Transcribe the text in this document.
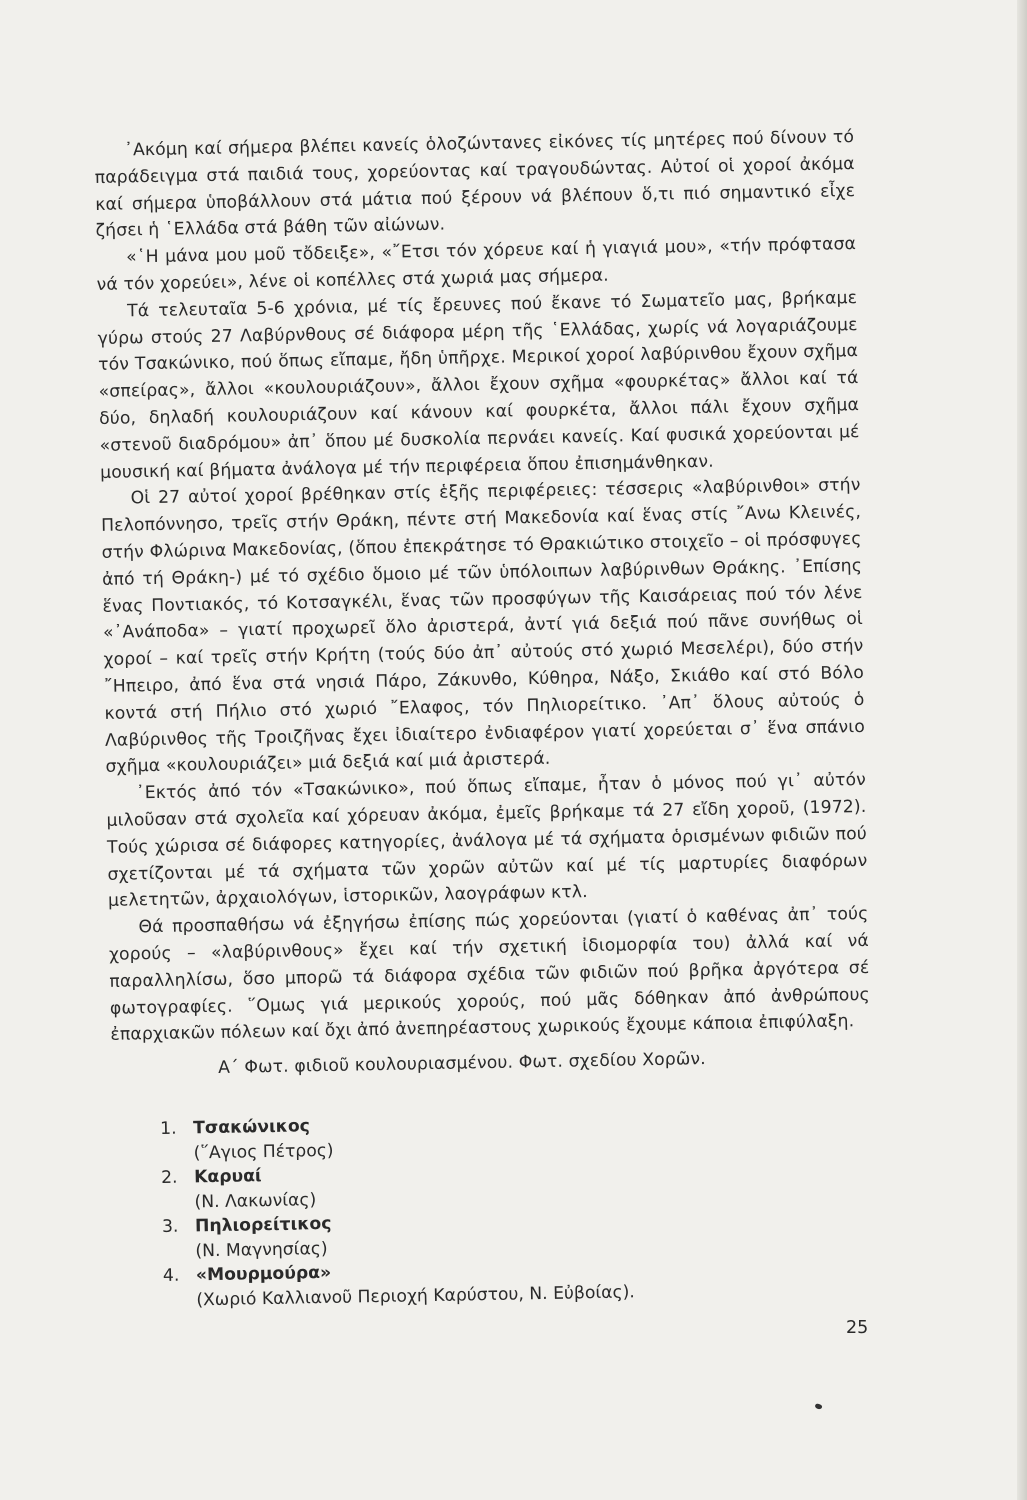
᾿Ακόμη καί σήμερα βλέπει κανείς ὁλοζώντανες εἰκόνες τίς μητέρες πού δίνουν τό παράδειγμα στά παιδιά τους, χορεύοντας καί τραγουδώντας. Αὐτοί οἱ χοροί ἀκόμα καί σήμερα ὑποβάλλουν στά μάτια πού ξέρουν νά βλέπουν ὅ,τι πιό σημαντικό εἶχε ζήσει ἡ ῾Ελλάδα στά βάθη τῶν αἰώνων.

«῾Η μάνα μου μοῦ τὄδειξε», «῎Ετσι τόν χόρευε καί ἡ γιαγιά μου», «τήν πρόφτασα νά τόν χορεύει», λένε οἱ κοπέλλες στά χωριά μας σήμερα.

Τά τελευταῖα 5-6 χρόνια, μέ τίς ἔρευνες πού ἔκανε τό Σωματεῖο μας, βρήκαμε γύρω στούς 27 Λαβύρνθους σέ διάφορα μέρη τῆς ῾Ελλάδας, χωρίς νά λογαριάζουμε τόν Τσακώνικο, πού ὅπως εἴπαμε, ἤδη ὑπῆρχε. Μερικοί χοροί λαβύρινθου ἔχουν σχῆμα «σπείρας», ἄλλοι «κουλουριάζουν», ἄλλοι ἔχουν σχῆμα «φουρκέτας» ἄλλοι καί τά δύο, δηλαδή κουλουριάζουν καί κάνουν καί φουρκέτα, ἄλλοι πάλι ἔχουν σχῆμα «στενοῦ διαδρόμου» ἀπ᾿ ὅπου μέ δυσκολία περνάει κανείς. Καί φυσικά χορεύονται μέ μουσική καί βήματα ἀνάλογα μέ τήν περιφέρεια ὅπου ἐπισημάνθηκαν.

Οἱ 27 αὐτοί χοροί βρέθηκαν στίς ἑξῆς περιφέρειες: τέσσερις «λαβύρινθοι» στήν Πελοπόννησο, τρεῖς στήν Θράκη, πέντε στή Μακεδονία καί ἕνας στίς ῎Ανω Κλεινές, στήν Φλώρινα Μακεδονίας, (ὅπου ἐπεκράτησε τό Θρακιώτικο στοιχεῖο – οἱ πρόσφυγες ἀπό τή Θράκη-) μέ τό σχέδιο ὅμοιο μέ τῶν ὑπόλοιπων λαβύρινθων Θράκης. ᾿Επίσης ἕνας Ποντιακός, τό Κοτσαγκέλι, ἕνας τῶν προσφύγων τῆς Καισάρειας πού τόν λένε «᾿Ανάποδα» – γιατί προχωρεῖ ὅλο ἀριστερά, ἀντί γιά δεξιά πού πᾶνε συνήθως οἱ χοροί – καί τρεῖς στήν Κρήτη (τούς δύο ἀπ᾿ αὐτούς στό χωριό Μεσελέρι), δύο στήν ῎Ηπειρο, ἀπό ἕνα στά νησιά Πάρο, Ζάκυνθο, Κύθηρα, Νάξο, Σκιάθο καί στό Βόλο κοντά στή Πήλιο στό χωριό ῎Ελαφος, τόν Πηλιορείτικο. ᾿Απ᾿ ὅλους αὐτούς ὁ Λαβύρινθος τῆς Τροιζῆνας ἔχει ἰδιαίτερο ἐνδιαφέρον γιατί χορεύεται σ᾿ ἕνα σπάνιο σχῆμα «κουλουριάζει» μιά δεξιά καί μιά ἀριστερά.

᾿Εκτός ἀπό τόν «Τσακώνικο», πού ὅπως εἴπαμε, ἦταν ὁ μόνος πού γι᾿ αὐτόν μιλοῦσαν στά σχολεῖα καί χόρευαν ἀκόμα, ἐμεῖς βρήκαμε τά 27 εἴδη χοροῦ, (1972). Τούς χώρισα σέ διάφορες κατηγορίες, ἀνάλογα μέ τά σχήματα ὁρισμένων φιδιῶν πού σχετίζονται μέ τά σχήματα τῶν χορῶν αὐτῶν καί μέ τίς μαρτυρίες διαφόρων μελετητῶν, ἀρχαιολόγων, ἱστορικῶν, λαογράφων κτλ.

Θά προσπαθήσω νά ἐξηγήσω ἐπίσης πώς χορεύονται (γιατί ὁ καθένας ἀπ᾿ τούς χορούς – «λαβύρινθους» ἔχει καί τήν σχετική ἰδιομορφία του) ἀλλά καί νά παραλληλίσω, ὅσο μπορῶ τά διάφορα σχέδια τῶν φιδιῶν πού βρῆκα ἀργότερα σέ φωτογραφίες. ῞Ομως γιά μερικούς χορούς, πού μᾶς δόθηκαν ἀπό ἀνθρώπους ἐπαρχιακῶν πόλεων καί ὄχι ἀπό ἀνεπηρέαστους χωρικούς ἔχουμε κάποια ἐπιφύλαξη.

Α΄ Φωτ. φιδιοῦ κουλουριασμένου. Φωτ. σχεδίου Χορῶν.
1. Τσακώνικος
(῞Αγιος Πέτρος)
2. Καρυαί
(Ν. Λακωνίας)
3. Πηλιορείτικος
(Ν. Μαγνησίας)
4. «Μουρμούρα»
(Χωριό Καλλιανοῦ Περιοχή Καρύστου, Ν. Εὐβοίας).
25
